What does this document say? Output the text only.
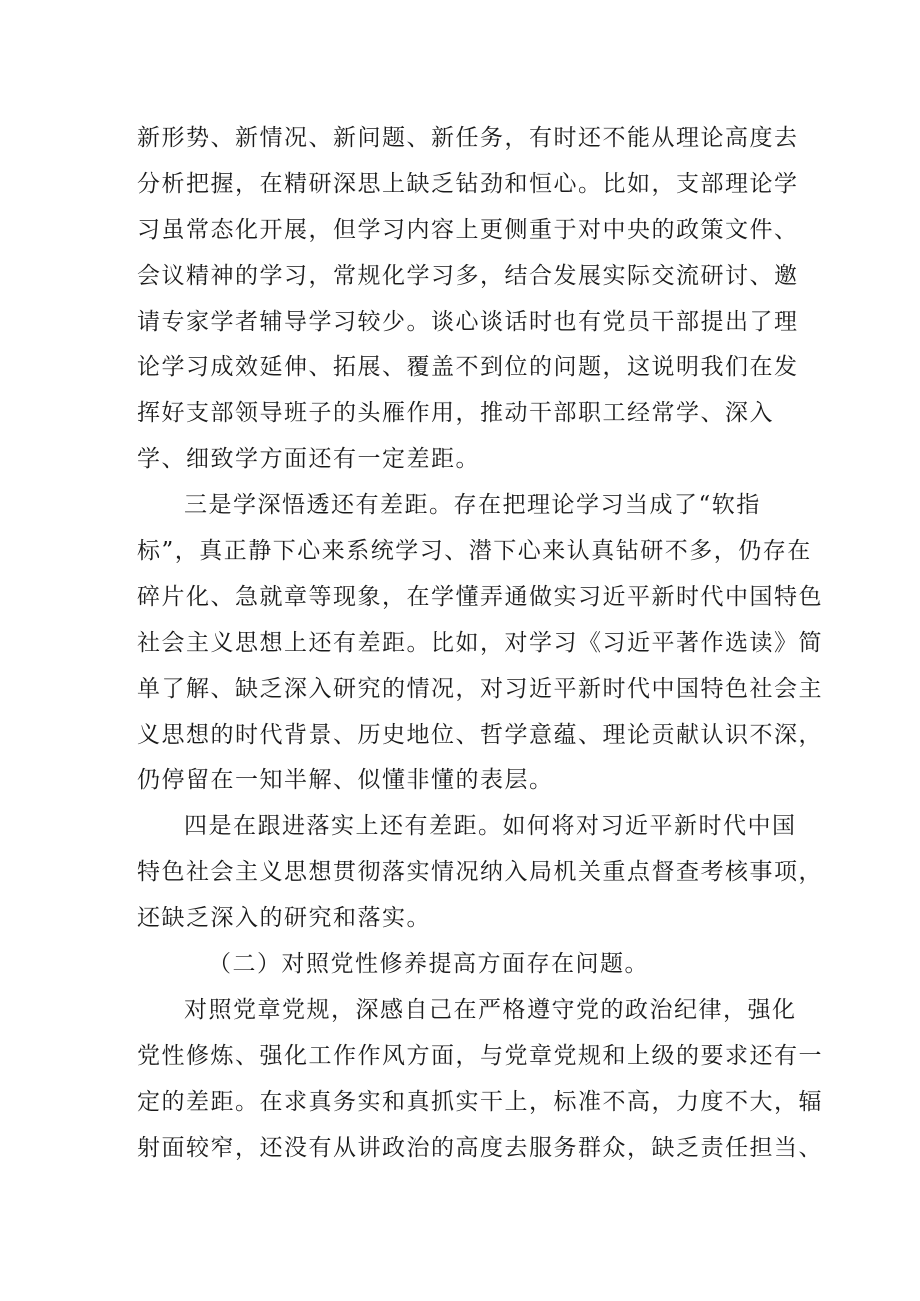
新形势、新情况、新问题、新任务，有时还不能从理论高度去
分析把握，在精研深思上缺乏钻劲和恒心。比如，支部理论学
习虽常态化开展，但学习内容上更侧重于对中央的政策文件、
会议精神的学习，常规化学习多，结合发展实际交流研讨、邀
请专家学者辅导学习较少。谈心谈话时也有党员干部提出了理
论学习成效延伸、拓展、覆盖不到位的问题，这说明我们在发
挥好支部领导班子的头雁作用，推动干部职工经常学、深入
学、细致学方面还有一定差距。
三是学深悟透还有差距。存在把理论学习当成了“软指
标”，真正静下心来系统学习、潜下心来认真钻研不多，仍存在
碎片化、急就章等现象，在学懂弄通做实习近平新时代中国特色
社会主义思想上还有差距。比如，对学习《习近平著作选读》简
单了解、缺乏深入研究的情况，对习近平新时代中国特色社会主
义思想的时代背景、历史地位、哲学意蕴、理论贡献认识不深，
仍停留在一知半解、似懂非懂的表层。
四是在跟进落实上还有差距。如何将对习近平新时代中国
特色社会主义思想贯彻落实情况纳入局机关重点督查考核事项，
还缺乏深入的研究和落实。
（二）对照党性修养提高方面存在问题。
对照党章党规，深感自己在严格遵守党的政治纪律，强化
党性修炼、强化工作作风方面，与党章党规和上级的要求还有一
定的差距。在求真务实和真抓实干上，标准不高，力度不大，辐
射面较窄，还没有从讲政治的高度去服务群众，缺乏责任担当、
